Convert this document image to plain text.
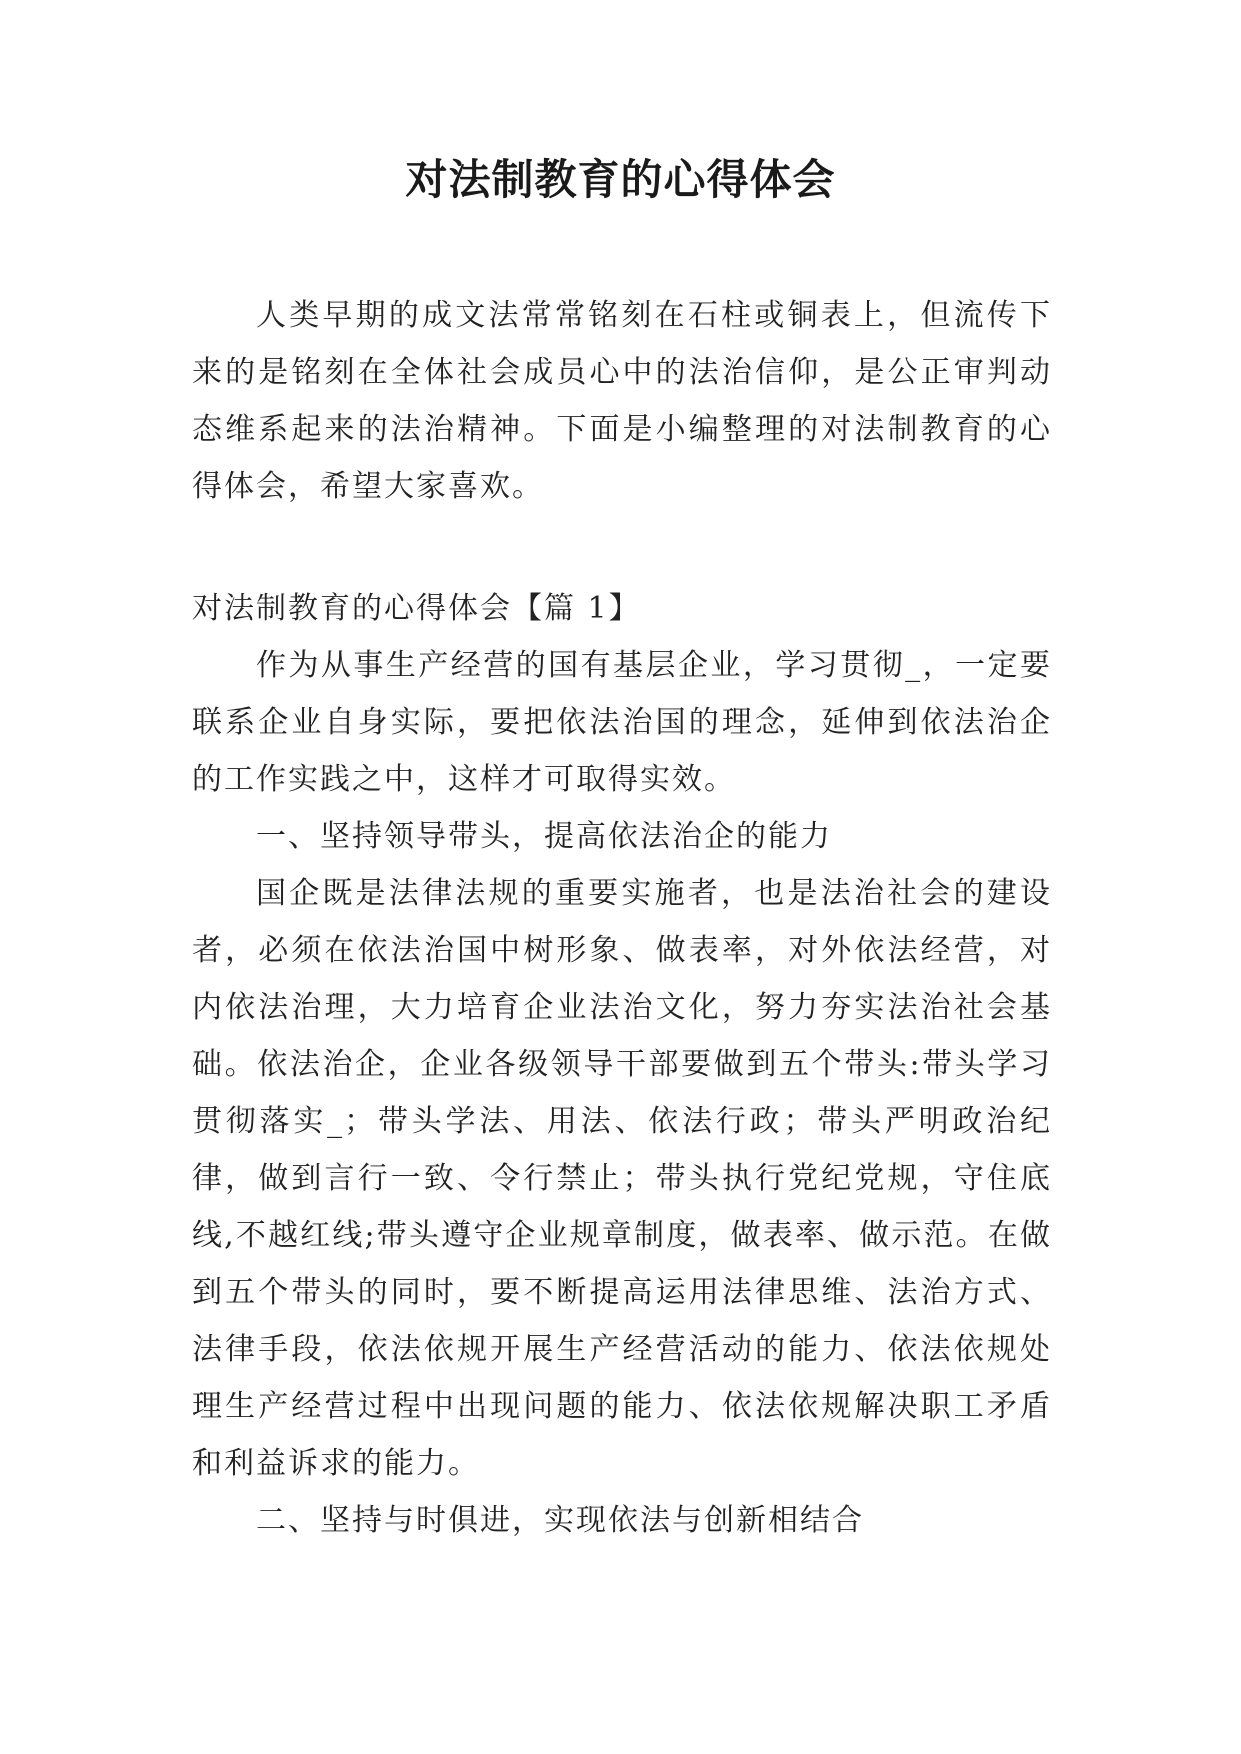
对法制教育的心得体会

人类早期的成文法常常铭刻在石柱或铜表上，但流传下来的是铭刻在全体社会成员心中的法治信仰，是公正审判动态维系起来的法治精神。下面是小编整理的对法制教育的心得体会，希望大家喜欢。

对法制教育的心得体会【篇 1】

作为从事生产经营的国有基层企业，学习贯彻_，一定要联系企业自身实际，要把依法治国的理念，延伸到依法治企的工作实践之中，这样才可取得实效。

一、坚持领导带头，提高依法治企的能力

国企既是法律法规的重要实施者，也是法治社会的建设者，必须在依法治国中树形象、做表率，对外依法经营，对内依法治理，大力培育企业法治文化，努力夯实法治社会基础。依法治企，企业各级领导干部要做到五个带头:带头学习贯彻落实_；带头学法、用法、依法行政；带头严明政治纪律，做到言行一致、令行禁止；带头执行党纪党规，守住底线,不越红线;带头遵守企业规章制度，做表率、做示范。在做到五个带头的同时，要不断提高运用法律思维、法治方式、法律手段，依法依规开展生产经营活动的能力、依法依规处理生产经营过程中出现问题的能力、依法依规解决职工矛盾和利益诉求的能力。

二、坚持与时俱进，实现依法与创新相结合
